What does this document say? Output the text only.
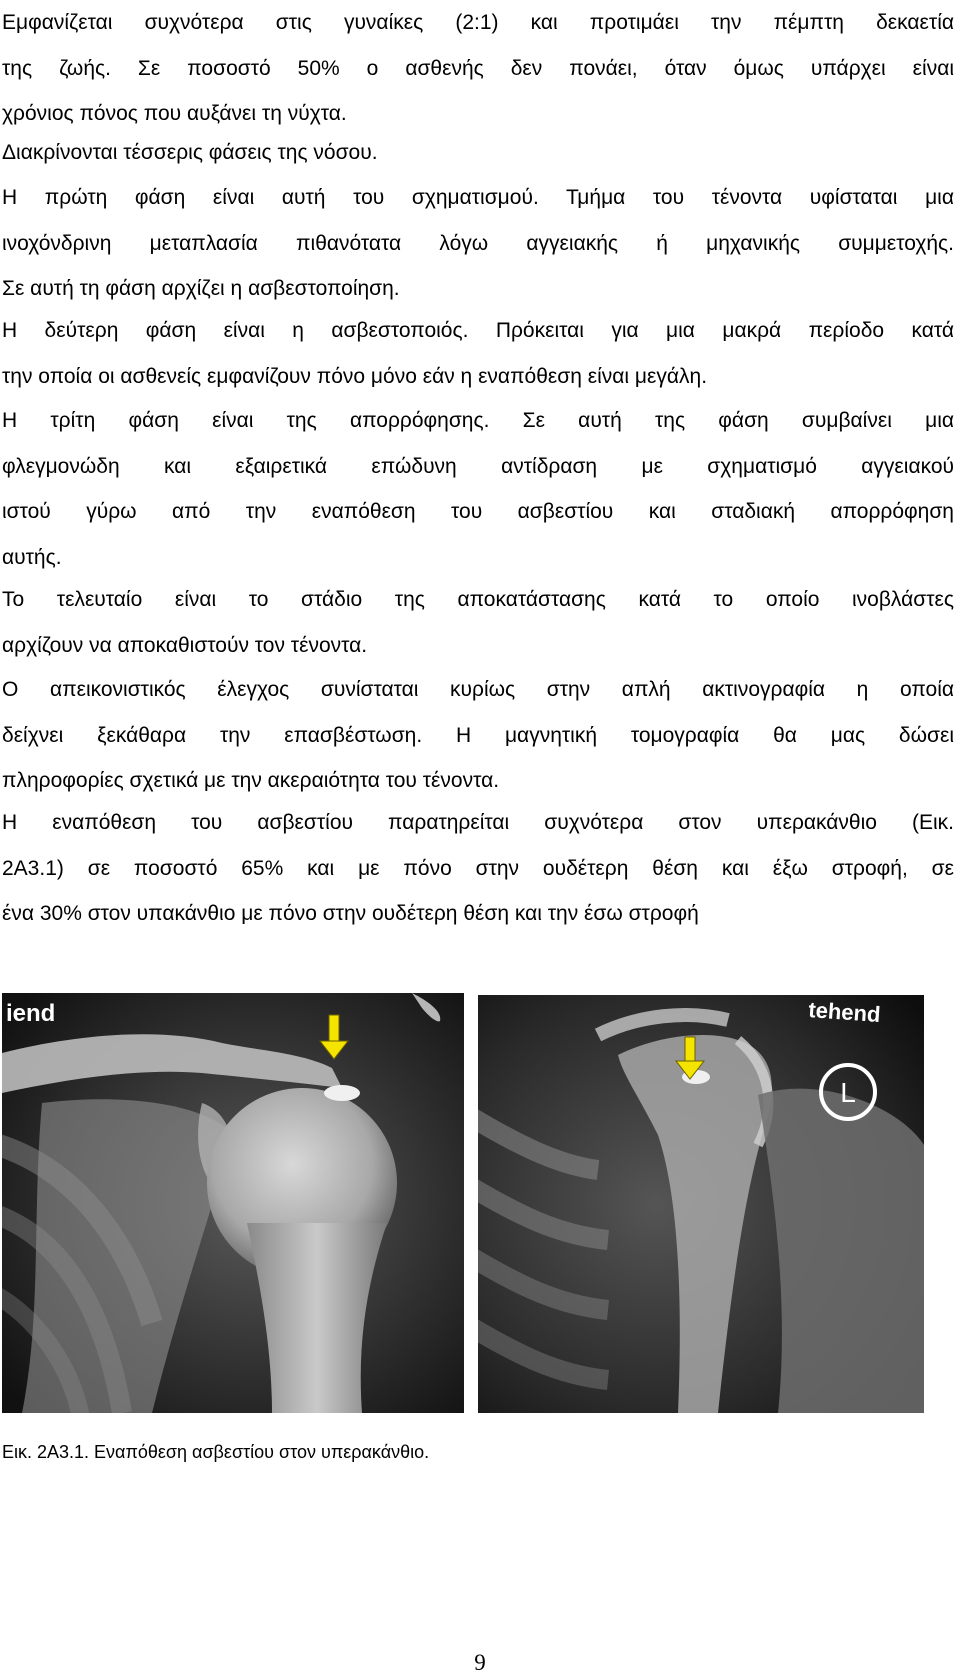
Εμφανίζεται συχνότερα στις γυναίκες (2:1) και προτιμάει την πέμπτη δεκαετία
της ζωής. Σε ποσοστό 50% ο ασθενής δεν πονάει, όταν όμως υπάρχει είναι
χρόνιος πόνος που αυξάνει τη νύχτα.

Διακρίνονται τέσσερις φάσεις της νόσου.

Η πρώτη φάση είναι αυτή του σχηματισμού. Τμήμα του τένοντα υφίσταται μια
ινοχόνδρινη μεταπλασία πιθανότατα λόγω αγγειακής ή μηχανικής συμμετοχής.
Σε αυτή τη φάση αρχίζει η ασβεστοποίηση.

Η δεύτερη φάση είναι η ασβεστοποιός. Πρόκειται για μια μακρά περίοδο κατά
την οποία οι ασθενείς εμφανίζουν πόνο μόνο εάν η εναπόθεση είναι μεγάλη.

Η τρίτη φάση είναι της απορρόφησης. Σε αυτή της φάση συμβαίνει μια
φλεγμονώδη και εξαιρετικά επώδυνη αντίδραση με σχηματισμό αγγειακού
ιστού γύρω από την εναπόθεση του ασβεστίου και σταδιακή απορρόφηση
αυτής.

Το τελευταίο είναι το στάδιο της αποκατάστασης κατά το οποίο ινοβλάστες
αρχίζουν να αποκαθιστούν τον τένοντα.

Ο απεικονιστικός έλεγχος συνίσταται κυρίως στην απλή ακτινογραφία η οποία
δείχνει ξεκάθαρα την επασβέστωση. Η μαγνητική τομογραφία θα μας δώσει
πληροφορίες σχετικά με την ακεραιότητα του τένοντα.

Η εναπόθεση του ασβεστίου παρατηρείται συχνότερα στον υπερακάνθιο (Εικ.
2Α3.1) σε ποσοστό 65% και με πόνο στην ουδέτερη θέση και έξω στροφή, σε
ένα 30% στον υπακάνθιο με πόνο στην ουδέτερη θέση και την έσω στροφή

iend	tehend
L

Εικ. 2Α3.1. Εναπόθεση ασβεστίου στον υπερακάνθιο.

9
